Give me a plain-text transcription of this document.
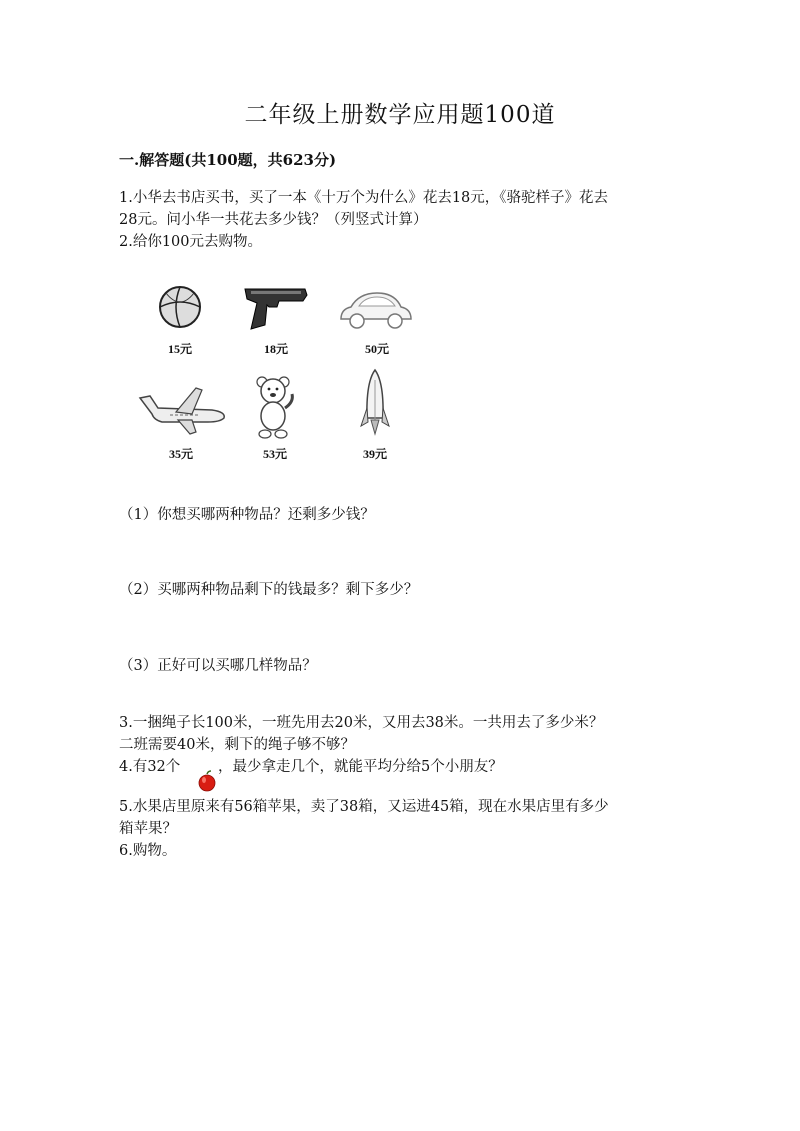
二年级上册数学应用题100道
一.解答题(共100题，共623分)
1.小华去书店买书，买了一本《十万个为什么》花去18元，《骆驼样子》花去
28元。问小华一共花去多少钱？（列竖式计算）
2.给你100元去购物。
15元	18元	50元
35元	53元	39元
（1）你想买哪两种物品？还剩多少钱？
（2）买哪两种物品剩下的钱最多？剩下多少？
（3）正好可以买哪几样物品？
3.一捆绳子长100米，一班先用去20米，又用去38米。一共用去了多少米？
二班需要40米，剩下的绳子够不够？
4.有32个	，最少拿走几个，就能平均分给5个小朋友？
5.水果店里原来有56箱苹果，卖了38箱，又运进45箱，现在水果店里有多少
箱苹果？
6.购物。
